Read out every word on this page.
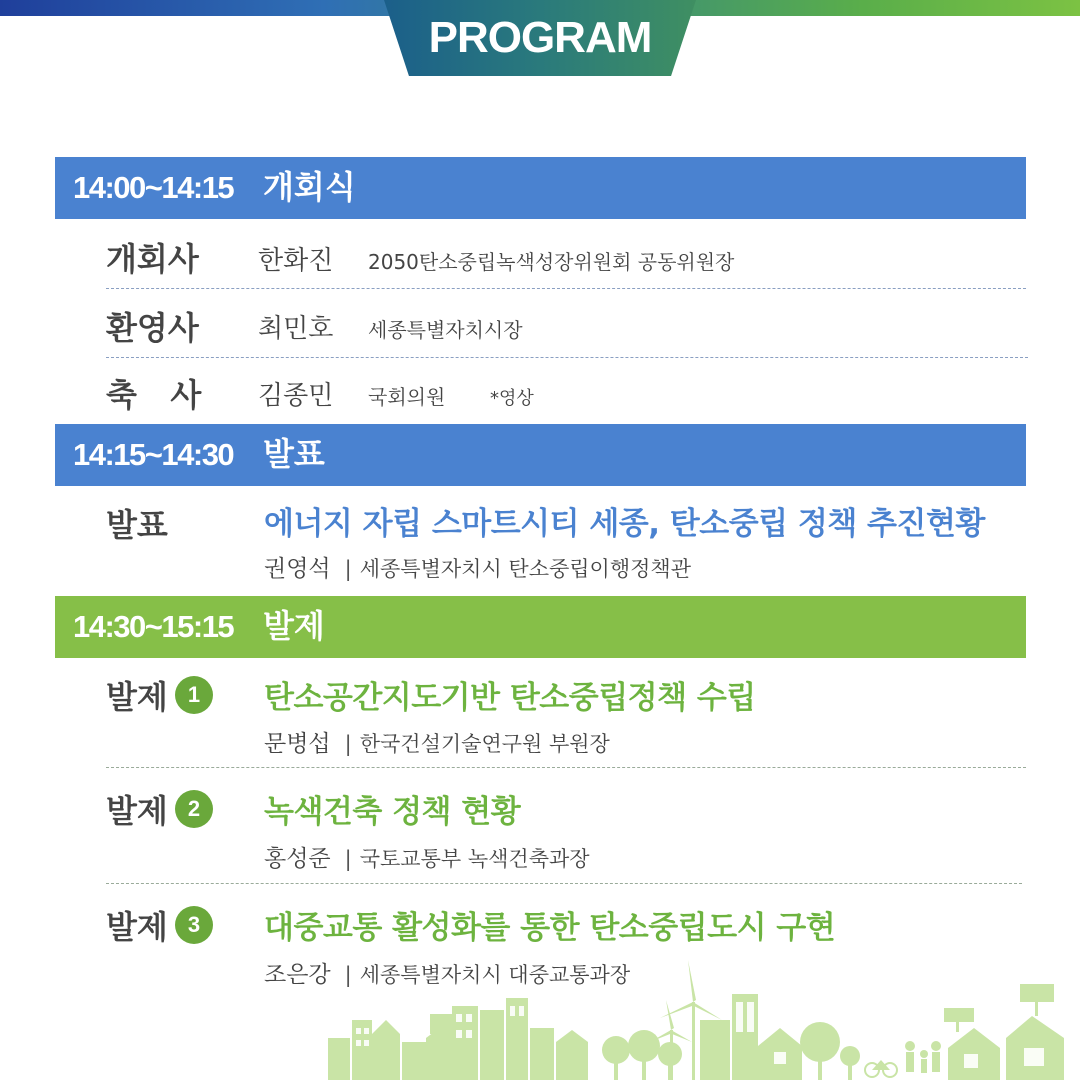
PROGRAM
14:00~14:15 개회식
개회사 한화진 2050탄소중립녹색성장위원회 공동위원장
환영사 최민호 세종특별자치시장
축   사 김종민 국회의원 *영상
14:15~14:30 발표
발표	에너지 자립 스마트시티 세종, 탄소중립 정책 추진현황
권영석 | 세종특별자치시 탄소중립이행정책관
14:30~15:15 발제
발제 1	탄소공간지도기반 탄소중립정책 수립
문병섭 | 한국건설기술연구원 부원장
발제 2	녹색건축 정책 현황
홍성준 | 국토교통부 녹색건축과장
발제 3	대중교통 활성화를 통한 탄소중립도시 구현
조은강 | 세종특별자치시 대중교통과장
